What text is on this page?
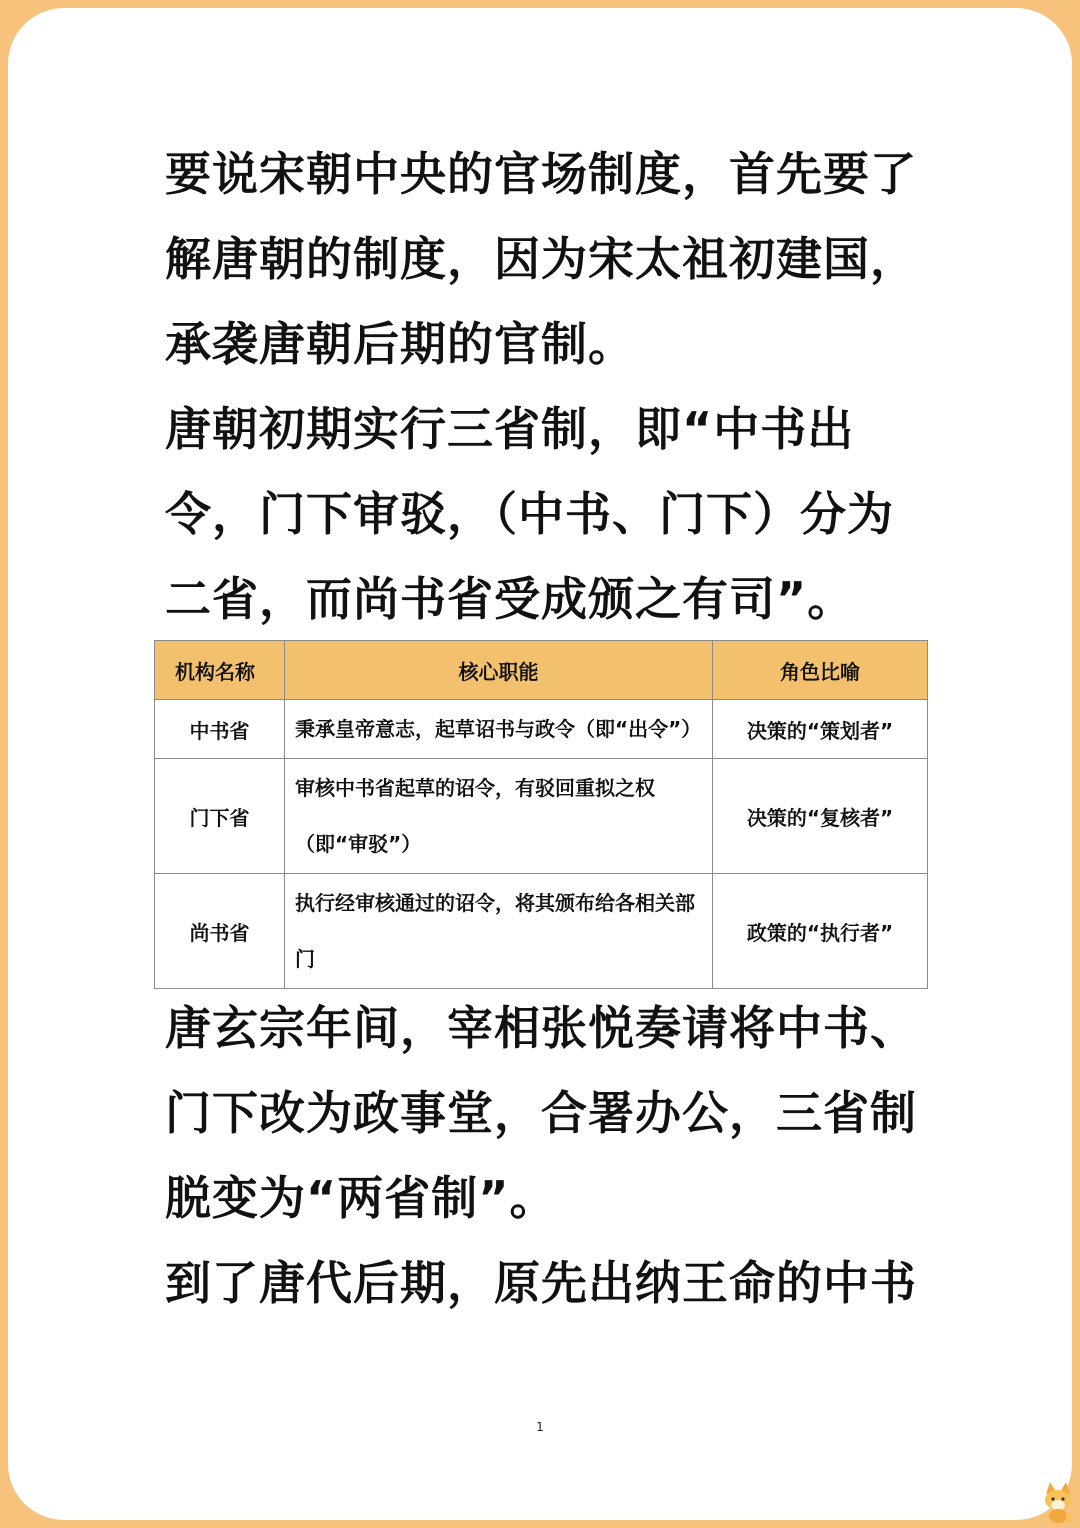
要说宋朝中央的官场制度，首先要了解唐朝的制度，因为宋太祖初建国，承袭唐朝后期的官制。

唐朝初期实行三省制，即“中书出令，门下审驳，（中书、门下）分为二省，而尚书省受成颁之有司”。

机构名称	核心职能	角色比喻
中书省	秉承皇帝意志，起草诏书与政令（即“出令”）	决策的“策划者”
门下省	审核中书省起草的诏令，有驳回重拟之权（即“审驳”）	决策的“复核者”
尚书省	执行经审核通过的诏令，将其颁布给各相关部门	政策的“执行者”

唐玄宗年间，宰相张悦奏请将中书、门下改为政事堂，合署办公，三省制脱变为“两省制”。

到了唐代后期，原先出纳王命的中书

1
